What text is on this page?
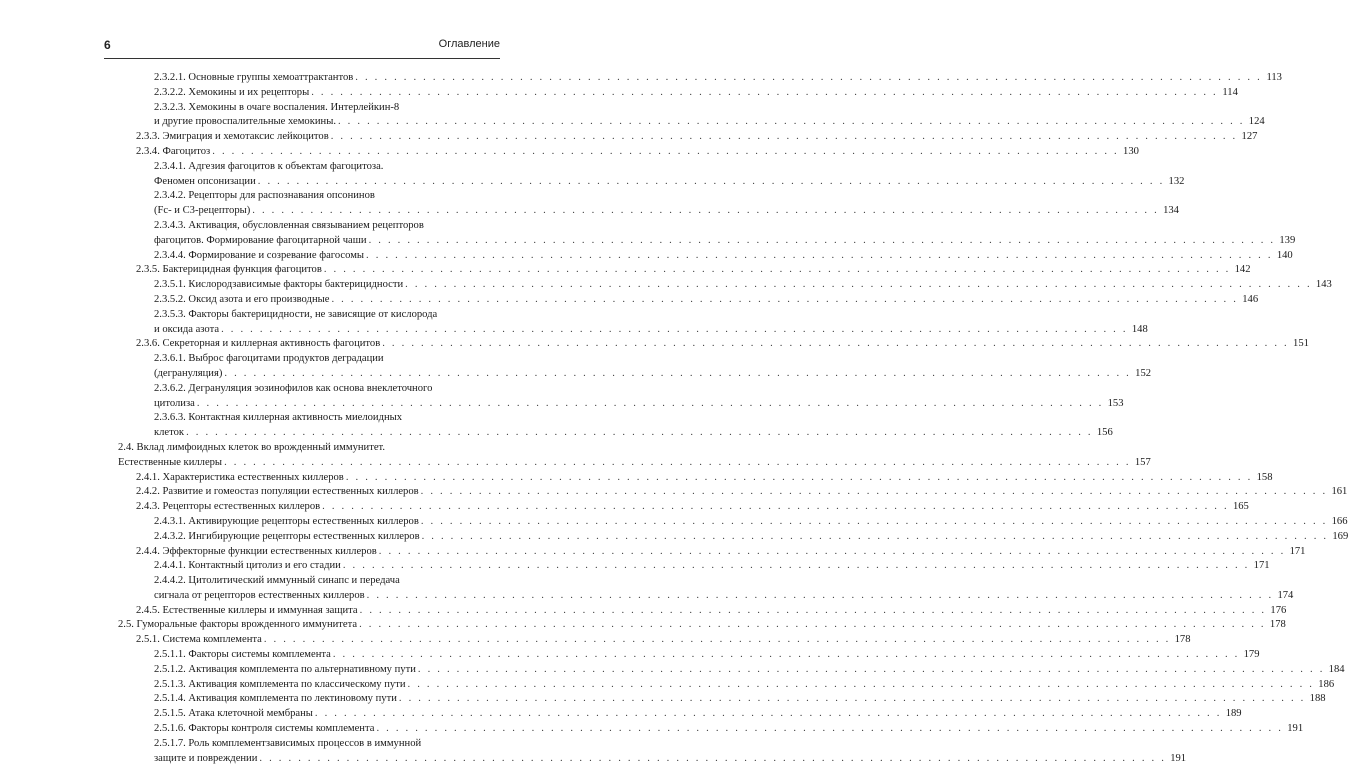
6	Оглавление
2.3.2.1. Основные группы хемоаттрактантов . . . . . . . . . . . . . . . . . . . . . . . . . . . . . . . . . . . . . . . . . . . . . . . . . . . . . . . . . . . . . . . . . . . . . . . . . . . . . . . . . . . . . . . . . . . . . . 113
2.3.2.2. Хемокины и их рецепторы . . . . . . . . . . . . . . . . . . . . . . . . . . . . . . . . . . . . . . . . . . . . . . . . . . . . . . . . . . . . . . . . . . . . . . . . . . . . . . . . . . . . . . . . . . . . . . 114
2.3.2.3. Хемокины в очаге воспаления. Интерлейкин-8
и другие провоспалительные хемокины. . . . . . . . . . . . . . . . . . . . . . . . . . . . . . . . . . . . . . . . . . . . . . . . . . . . . . . . . . . . . . . . . . . . . . . . . . . . . . . . . . . . . . . . . . . . . . . 124
2.3.3. Эмиграция и хемотаксис лейкоцитов . . . . . . . . . . . . . . . . . . . . . . . . . . . . . . . . . . . . . . . . . . . . . . . . . . . . . . . . . . . . . . . . . . . . . . . . . . . . . . . . . . . . . . . . . . . . . . 127
2.3.4. Фагоцитоз . . . . . . . . . . . . . . . . . . . . . . . . . . . . . . . . . . . . . . . . . . . . . . . . . . . . . . . . . . . . . . . . . . . . . . . . . . . . . . . . . . . . . . . . . . . . . . 130
2.3.4.1. Адгезия фагоцитов к объектам фагоцитоза.
Феномен опсонизации . . . . . . . . . . . . . . . . . . . . . . . . . . . . . . . . . . . . . . . . . . . . . . . . . . . . . . . . . . . . . . . . . . . . . . . . . . . . . . . . . . . . . . . . . . . . . . 132
2.3.4.2. Рецепторы для распознавания опсонинов
(Fc- и C3-рецепторы) . . . . . . . . . . . . . . . . . . . . . . . . . . . . . . . . . . . . . . . . . . . . . . . . . . . . . . . . . . . . . . . . . . . . . . . . . . . . . . . . . . . . . . . . . . . . . . 134
2.3.4.3. Активация, обусловленная связыванием рецепторов
фагоцитов. Формирование фагоцитарной чаши . . . . . . . . . . . . . . . . . . . . . . . . . . . . . . . . . . . . . . . . . . . . . . . . . . . . . . . . . . . . . . . . . . . . . . . . . . . . . . . . . . . . . . . . . . . . . . 139
2.3.4.4. Формирование и созревание фагосомы . . . . . . . . . . . . . . . . . . . . . . . . . . . . . . . . . . . . . . . . . . . . . . . . . . . . . . . . . . . . . . . . . . . . . . . . . . . . . . . . . . . . . . . . . . . . . . 140
2.3.5. Бактерицидная функция фагоцитов . . . . . . . . . . . . . . . . . . . . . . . . . . . . . . . . . . . . . . . . . . . . . . . . . . . . . . . . . . . . . . . . . . . . . . . . . . . . . . . . . . . . . . . . . . . . . . 142
2.3.5.1. Кислородзависимые факторы бактерицидности . . . . . . . . . . . . . . . . . . . . . . . . . . . . . . . . . . . . . . . . . . . . . . . . . . . . . . . . . . . . . . . . . . . . . . . . . . . . . . . . . . . . . . . . . . . . . . 143
2.3.5.2. Оксид азота и его производные . . . . . . . . . . . . . . . . . . . . . . . . . . . . . . . . . . . . . . . . . . . . . . . . . . . . . . . . . . . . . . . . . . . . . . . . . . . . . . . . . . . . . . . . . . . . . . 146
2.3.5.3. Факторы бактерицидности, не зависящие от кислорода
и оксида азота . . . . . . . . . . . . . . . . . . . . . . . . . . . . . . . . . . . . . . . . . . . . . . . . . . . . . . . . . . . . . . . . . . . . . . . . . . . . . . . . . . . . . . . . . . . . . . 148
2.3.6. Секреторная и киллерная активность фагоцитов . . . . . . . . . . . . . . . . . . . . . . . . . . . . . . . . . . . . . . . . . . . . . . . . . . . . . . . . . . . . . . . . . . . . . . . . . . . . . . . . . . . . . . . . . . . . . . 151
2.3.6.1. Выброс фагоцитами продуктов деградации
(дегрануляция) . . . . . . . . . . . . . . . . . . . . . . . . . . . . . . . . . . . . . . . . . . . . . . . . . . . . . . . . . . . . . . . . . . . . . . . . . . . . . . . . . . . . . . . . . . . . . . 152
2.3.6.2. Дегрануляция эозинофилов как основа внеклеточного
цитолиза . . . . . . . . . . . . . . . . . . . . . . . . . . . . . . . . . . . . . . . . . . . . . . . . . . . . . . . . . . . . . . . . . . . . . . . . . . . . . . . . . . . . . . . . . . . . . . 153
2.3.6.3. Контактная киллерная активность миелоидных
клеток . . . . . . . . . . . . . . . . . . . . . . . . . . . . . . . . . . . . . . . . . . . . . . . . . . . . . . . . . . . . . . . . . . . . . . . . . . . . . . . . . . . . . . . . . . . . . . 156
2.4. Вклад лимфоидных клеток во врожденный иммунитет.
Естественные киллеры . . . . . . . . . . . . . . . . . . . . . . . . . . . . . . . . . . . . . . . . . . . . . . . . . . . . . . . . . . . . . . . . . . . . . . . . . . . . . . . . . . . . . . . . . . . . . . 157
2.4.1. Характеристика естественных киллеров . . . . . . . . . . . . . . . . . . . . . . . . . . . . . . . . . . . . . . . . . . . . . . . . . . . . . . . . . . . . . . . . . . . . . . . . . . . . . . . . . . . . . . . . . . . . . . 158
2.4.2. Развитие и гомеостаз популяции естественных киллеров . . . . . . . . . . . . . . . . . . . . . . . . . . . . . . . . . . . . . . . . . . . . . . . . . . . . . . . . . . . . . . . . . . . . . . . . . . . . . . . . . . . . . . . . . . . . . . 161
2.4.3. Рецепторы естественных киллеров . . . . . . . . . . . . . . . . . . . . . . . . . . . . . . . . . . . . . . . . . . . . . . . . . . . . . . . . . . . . . . . . . . . . . . . . . . . . . . . . . . . . . . . . . . . . . . 165
2.4.3.1. Активирующие рецепторы естественных киллеров . . . . . . . . . . . . . . . . . . . . . . . . . . . . . . . . . . . . . . . . . . . . . . . . . . . . . . . . . . . . . . . . . . . . . . . . . . . . . . . . . . . . . . . . . . . . . . 166
2.4.3.2. Ингибирующие рецепторы естественных киллеров . . . . . . . . . . . . . . . . . . . . . . . . . . . . . . . . . . . . . . . . . . . . . . . . . . . . . . . . . . . . . . . . . . . . . . . . . . . . . . . . . . . . . . . . . . . . . . 169
2.4.4. Эффекторные функции естественных киллеров . . . . . . . . . . . . . . . . . . . . . . . . . . . . . . . . . . . . . . . . . . . . . . . . . . . . . . . . . . . . . . . . . . . . . . . . . . . . . . . . . . . . . . . . . . . . . . 171
2.4.4.1. Контактный цитолиз и его стадии . . . . . . . . . . . . . . . . . . . . . . . . . . . . . . . . . . . . . . . . . . . . . . . . . . . . . . . . . . . . . . . . . . . . . . . . . . . . . . . . . . . . . . . . . . . . . . 171
2.4.4.2. Цитолитический иммунный синапс и передача
сигнала от рецепторов естественных киллеров . . . . . . . . . . . . . . . . . . . . . . . . . . . . . . . . . . . . . . . . . . . . . . . . . . . . . . . . . . . . . . . . . . . . . . . . . . . . . . . . . . . . . . . . . . . . . . 174
2.4.5. Естественные киллеры и иммунная защита . . . . . . . . . . . . . . . . . . . . . . . . . . . . . . . . . . . . . . . . . . . . . . . . . . . . . . . . . . . . . . . . . . . . . . . . . . . . . . . . . . . . . . . . . . . . . . 176
2.5. Гуморальные факторы врожденного иммунитета . . . . . . . . . . . . . . . . . . . . . . . . . . . . . . . . . . . . . . . . . . . . . . . . . . . . . . . . . . . . . . . . . . . . . . . . . . . . . . . . . . . . . . . . . . . . . . 178
2.5.1. Система комплемента . . . . . . . . . . . . . . . . . . . . . . . . . . . . . . . . . . . . . . . . . . . . . . . . . . . . . . . . . . . . . . . . . . . . . . . . . . . . . . . . . . . . . . . . . . . . . . 178
2.5.1.1. Факторы системы комплемента . . . . . . . . . . . . . . . . . . . . . . . . . . . . . . . . . . . . . . . . . . . . . . . . . . . . . . . . . . . . . . . . . . . . . . . . . . . . . . . . . . . . . . . . . . . . . . 179
2.5.1.2. Активация комплемента по альтернативному пути . . . . . . . . . . . . . . . . . . . . . . . . . . . . . . . . . . . . . . . . . . . . . . . . . . . . . . . . . . . . . . . . . . . . . . . . . . . . . . . . . . . . . . . . . . . . . . 184
2.5.1.3. Активация комплемента по классическому пути . . . . . . . . . . . . . . . . . . . . . . . . . . . . . . . . . . . . . . . . . . . . . . . . . . . . . . . . . . . . . . . . . . . . . . . . . . . . . . . . . . . . . . . . . . . . . . 186
2.5.1.4. Активация комплемента по лектиновому пути . . . . . . . . . . . . . . . . . . . . . . . . . . . . . . . . . . . . . . . . . . . . . . . . . . . . . . . . . . . . . . . . . . . . . . . . . . . . . . . . . . . . . . . . . . . . . . 188
2.5.1.5. Атака клеточной мембраны . . . . . . . . . . . . . . . . . . . . . . . . . . . . . . . . . . . . . . . . . . . . . . . . . . . . . . . . . . . . . . . . . . . . . . . . . . . . . . . . . . . . . . . . . . . . . . 189
2.5.1.6. Факторы контроля системы комплемента . . . . . . . . . . . . . . . . . . . . . . . . . . . . . . . . . . . . . . . . . . . . . . . . . . . . . . . . . . . . . . . . . . . . . . . . . . . . . . . . . . . . . . . . . . . . . . 191
2.5.1.7. Роль комплементзависимых процессов в иммунной
защите и повреждении . . . . . . . . . . . . . . . . . . . . . . . . . . . . . . . . . . . . . . . . . . . . . . . . . . . . . . . . . . . . . . . . . . . . . . . . . . . . . . . . . . . . . . . . . . . . . . 191
